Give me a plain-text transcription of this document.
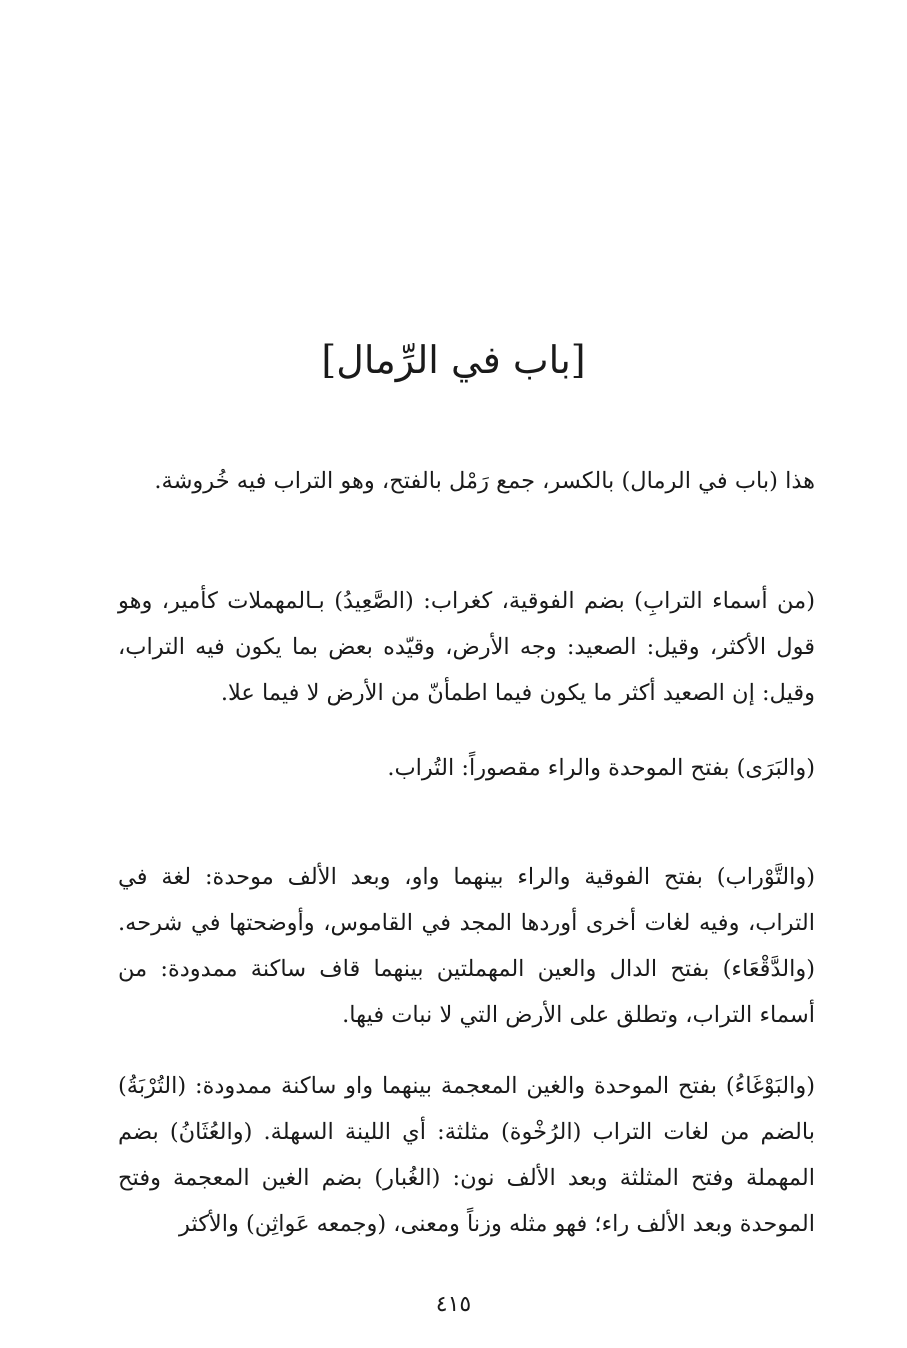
[باب في الرِّمال]

هذا (باب في الرمال) بالكسر، جمع رَمْل بالفتح، وهو التراب فيه خُروشة.

(من أسماء الترابِ) بضم الفوقية، كغراب: (الصَّعِيدُ) بـالمهملات كأمير، وهو قول الأكثر، وقيل: الصعيد: وجه الأرض، وقيّده بعض بما يكون فيه التراب، وقيل: إن الصعيد أكثر ما يكون فيما اطمأنّ من الأرض لا فيما علا.

(والبَرَى) بفتح الموحدة والراء مقصوراً: التُراب.

(والتَّوْراب) بفتح الفوقية والراء بينهما واو، وبعد الألف موحدة: لغة في التراب، وفيه لغات أخرى أوردها المجد في القاموس، وأوضحتها في شرحه. (والدَّقْعَاء) بفتح الدال والعين المهملتين بينهما قاف ساكنة ممدودة: من أسماء التراب، وتطلق على الأرض التي لا نبات فيها.

(والبَوْغَاءُ) بفتح الموحدة والغين المعجمة بينهما واو ساكنة ممدودة: (التُرْبَةُ) بالضم من لغات التراب (الرُخْوة) مثلثة: أي اللينة السهلة. (والعُثَانُ) بضم المهملة وفتح المثلثة وبعد الألف نون: (الغُبار) بضم الغين المعجمة وفتح الموحدة وبعد الألف راء؛ فهو مثله وزناً ومعنى، (وجمعه عَواثِن) والأكثر

٤١٥
